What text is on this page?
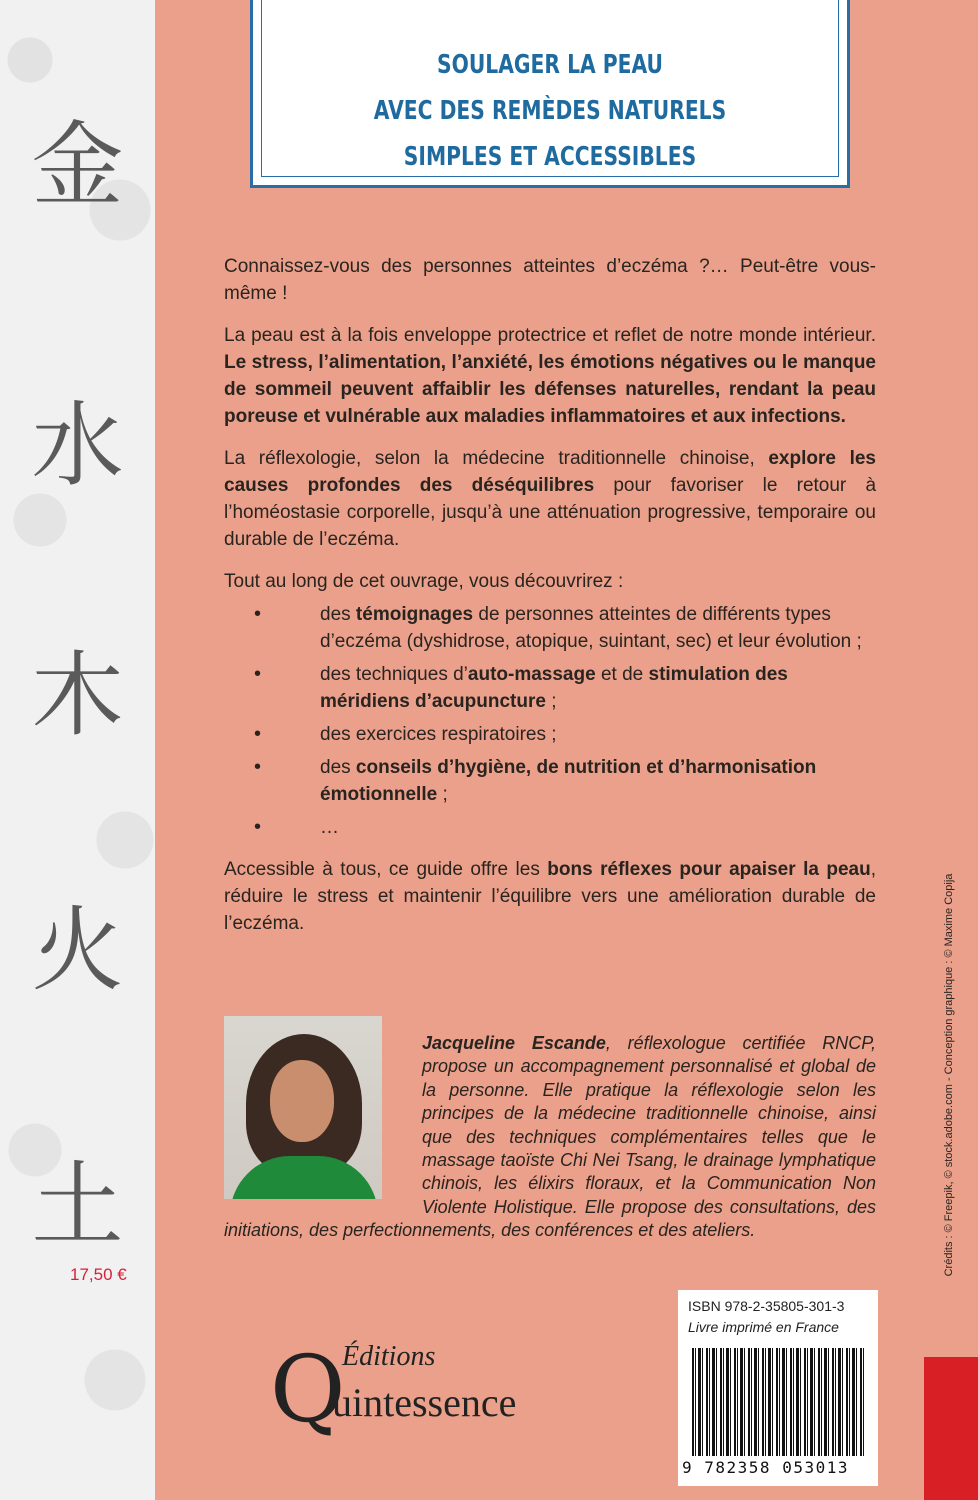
金
水
木
火
土
17,50 €
SOULAGER LA PEAU
AVEC DES REMÈDES NATURELS
SIMPLES ET ACCESSIBLES

Connaissez-vous des personnes atteintes d’eczéma ?… Peut-être vous-même !

La peau est à la fois enveloppe protectrice et reflet de notre monde intérieur. Le stress, l’alimentation, l’anxiété, les émotions négatives ou le manque de sommeil peuvent affaiblir les défenses naturelles, rendant la peau poreuse et vulnérable aux maladies inflammatoires et aux infections.

La réflexologie, selon la médecine traditionnelle chinoise, explore les causes profondes des déséquilibres pour favoriser le retour à l’homéostasie corporelle, jusqu’à une atténuation progressive, temporaire ou durable de l’eczéma.

Tout au long de cet ouvrage, vous découvrirez :

• des témoignages de personnes atteintes de différents types d’eczéma (dyshidrose, atopique, suintant, sec) et leur évolution ;
• des techniques d’auto-massage et de stimulation des méridiens d’acupuncture ;
• des exercices respiratoires ;
• des conseils d’hygiène, de nutrition et d’harmonisation émotionnelle ;
• …

Accessible à tous, ce guide offre les bons réflexes pour apaiser la peau, réduire le stress et maintenir l’équilibre vers une amélioration durable de l’eczéma.

Jacqueline Escande, réflexologue certifiée RNCP, propose un accompagnement personnalisé et global de la personne. Elle pratique la réflexologie selon les principes de la médecine traditionnelle chinoise, ainsi que des techniques complémentaires telles que le massage taoïste Chi Nei Tsang, le drainage lymphatique chinois, les élixirs floraux, et la Communication Non Violente Holistique. Elle propose des consultations, des initiations, des perfectionnements, des conférences et des ateliers.	Crédits : © Freepik, © stock.adobe.com - Conception graphique : © Maxime Copija
Q
Éditions
uintessence
ISBN 978-2-35805-301-3
Livre imprimé en France
9 782358 053013
